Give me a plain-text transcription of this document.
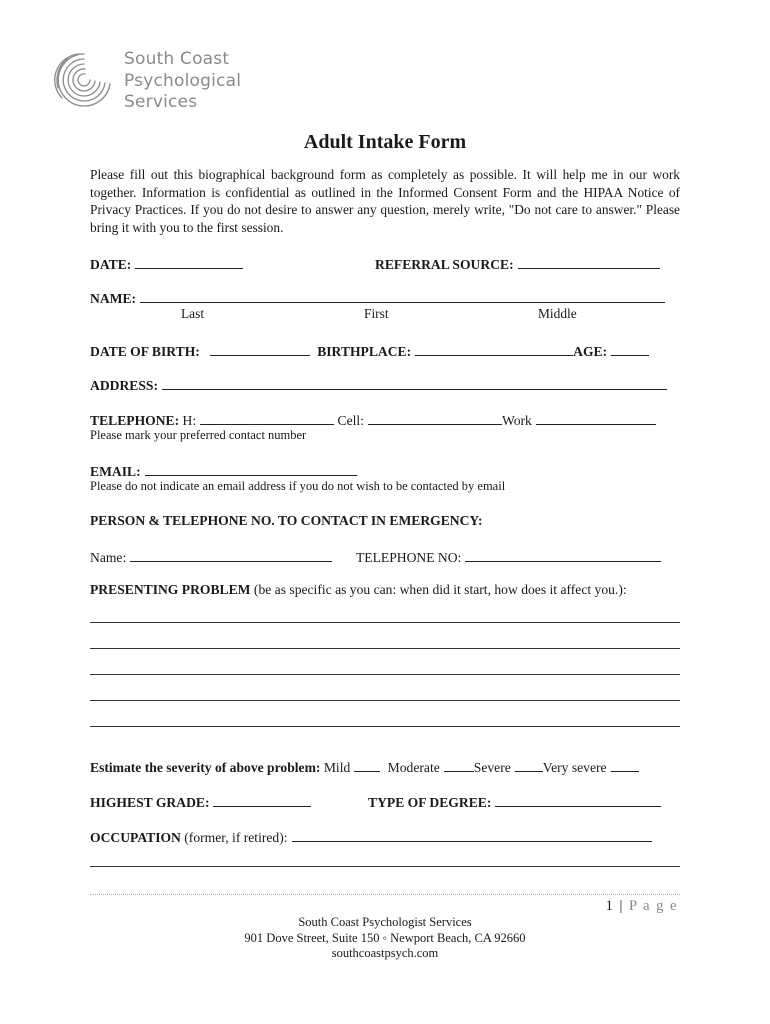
South Coast
Psychological
Services
Adult Intake Form
Please fill out this biographical background form as completely as possible. It will help me in our work together. Information is confidential as outlined in the Informed Consent Form and the HIPAA Notice of Privacy Practices. If you do not desire to answer any question, merely write, "Do not care to answer." Please bring it with you to the first session.
DATE:	REFERRAL SOURCE:
NAME:
Last	First	Middle
DATE OF BIRTH:	BIRTHPLACE:	AGE:
ADDRESS:
TELEPHONE: H:	Cell:	Work
Please mark your preferred contact number
EMAIL:
Please do not indicate an email address if you do not wish to be contacted by email
PERSON & TELEPHONE NO. TO CONTACT IN EMERGENCY:
Name:	TELEPHONE NO:
PRESENTING PROBLEM (be as specific as you can: when did it start, how does it affect you.):
Estimate the severity of above problem: Mild	Moderate	Severe Very severe
HIGHEST GRADE:	TYPE OF DEGREE:
OCCUPATION (former, if retired):
1 | P a g e
South Coast Psychologist Services
901 Dove Street, Suite 150 ◦ Newport Beach, CA 92660
southcoastpsych.com
